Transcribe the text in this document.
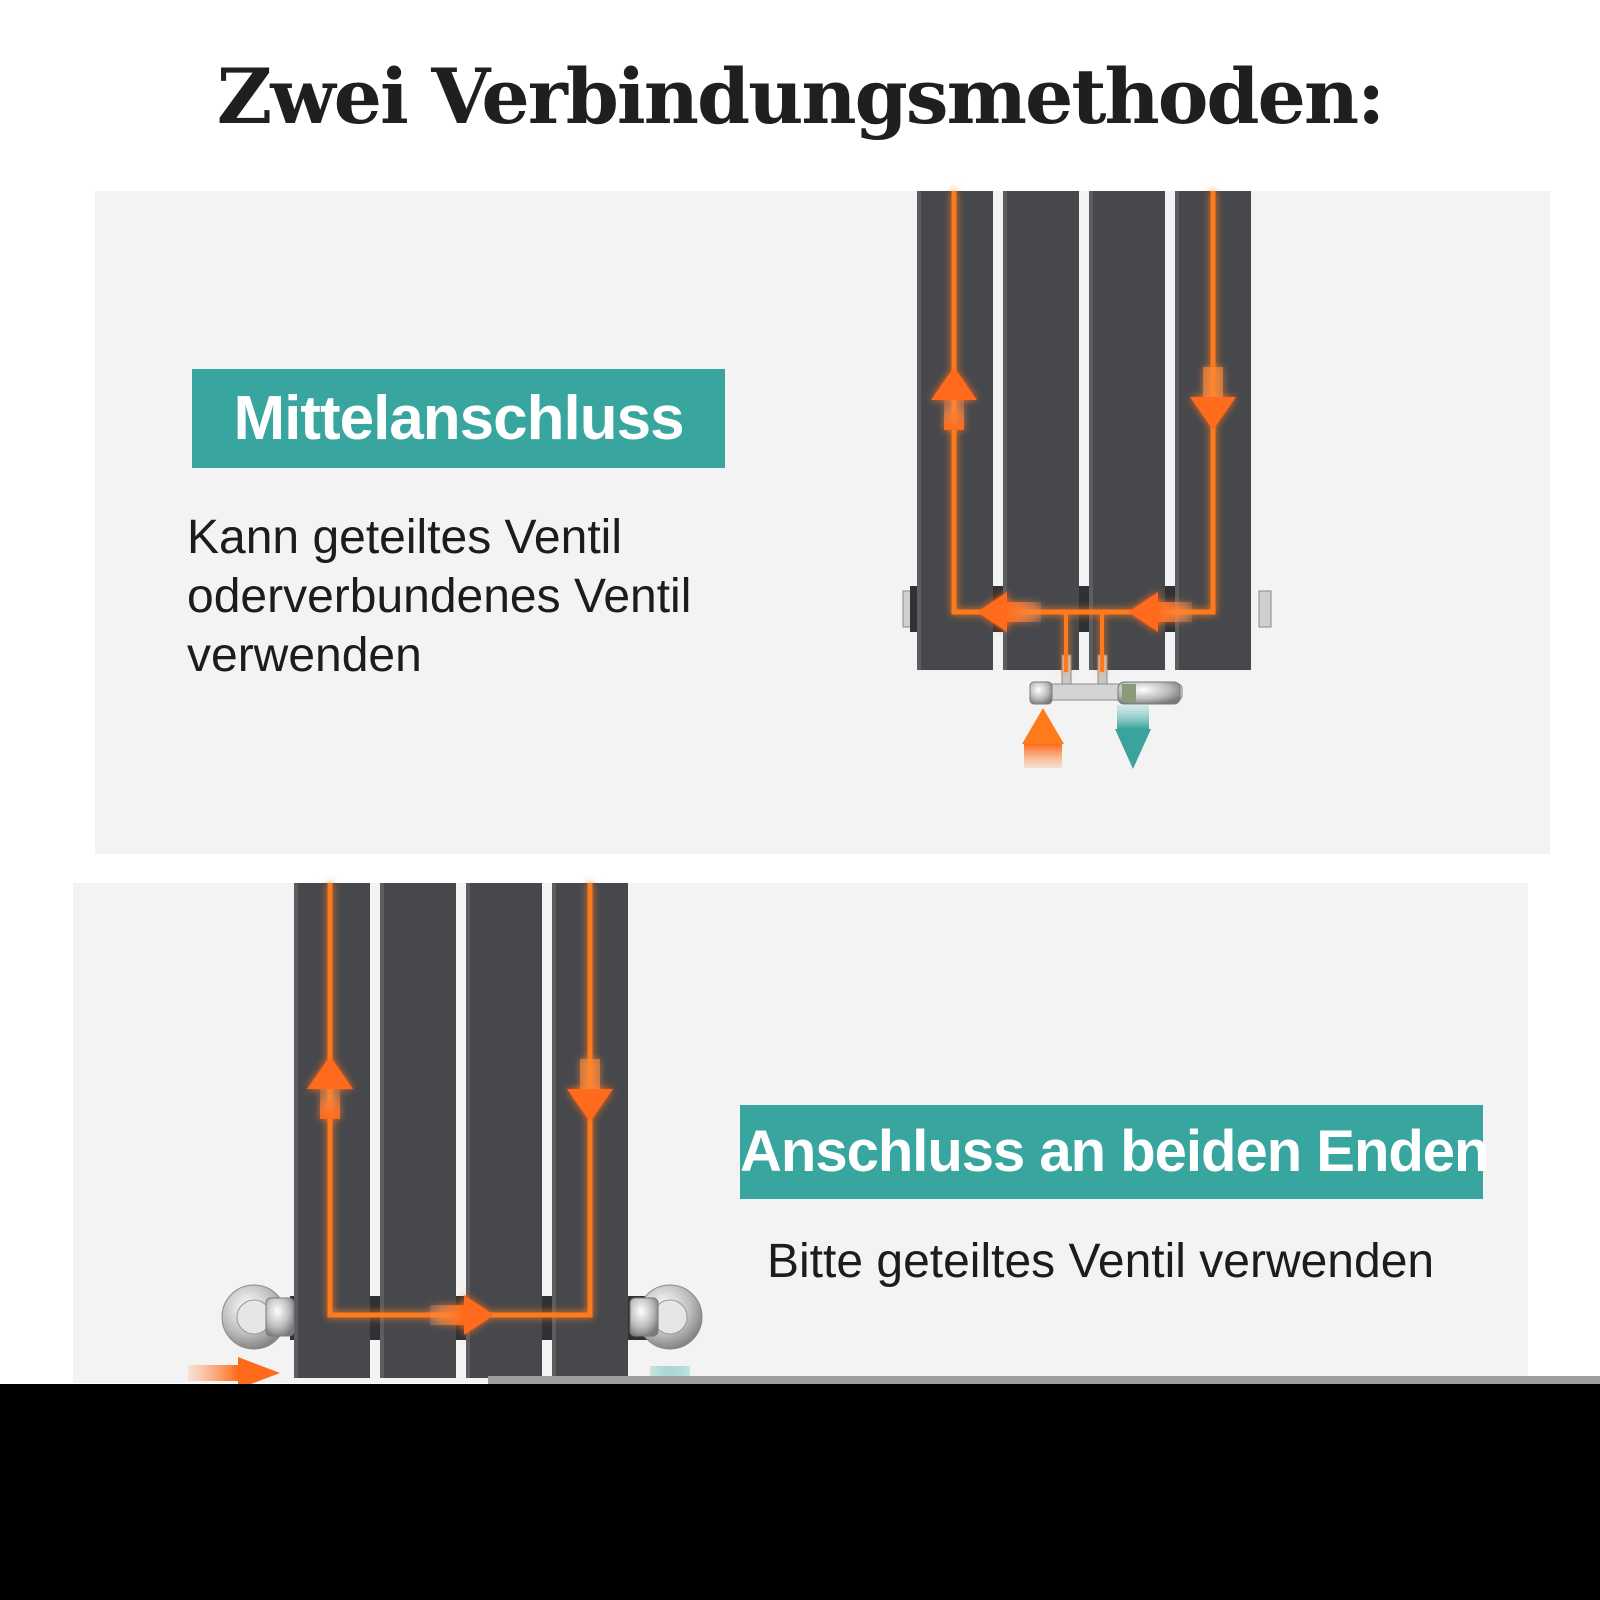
Zwei Verbindungsmethoden:
Mittelanschluss
Kann geteiltes Ventil
oderverbundenes Ventil
verwenden
Anschluss an beiden Enden
Bitte geteiltes Ventil verwenden
